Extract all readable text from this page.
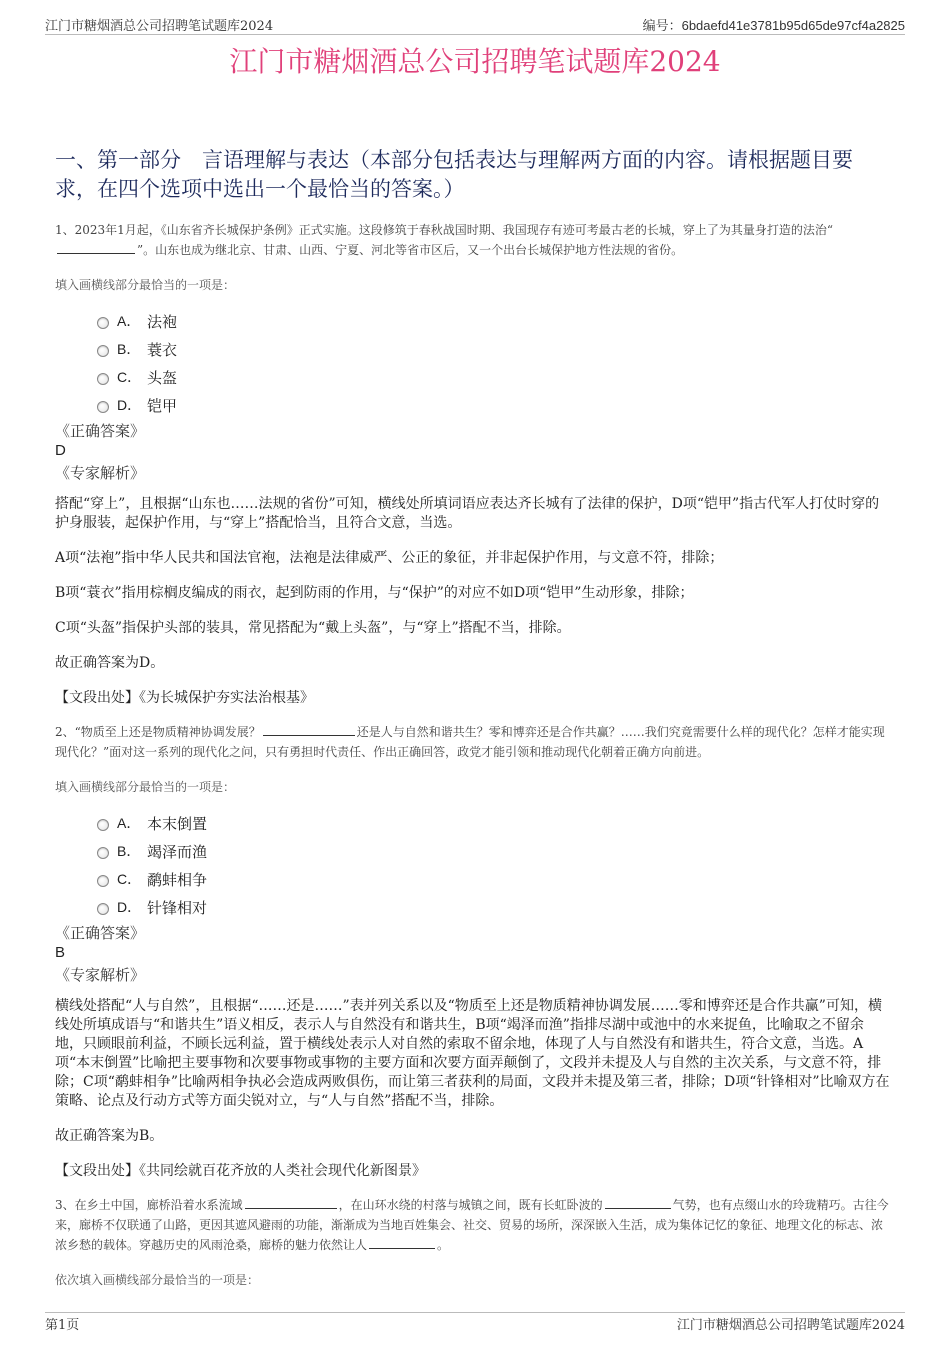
江门市糖烟酒总公司招聘笔试题库2024	编号：6bdaefd41e3781b95d65de97cf4a2825
江门市糖烟酒总公司招聘笔试题库2024
一、第一部分　言语理解与表达（本部分包括表达与理解两方面的内容。请根据题目要求，在四个选项中选出一个最恰当的答案。）

1、2023年1月起，《山东省齐长城保护条例》正式实施。这段修筑于春秋战国时期、我国现存有迹可考最古老的长城，穿上了为其量身打造的法治“”。山东也成为继北京、甘肃、山西、宁夏、河北等省市区后，又一个出台长城保护地方性法规的省份。

填入画横线部分最恰当的一项是：
A． 法袍
B． 蓑衣
C． 头盔
D． 铠甲
《正确答案》
D
《专家解析》

搭配“穿上”，且根据“山东也……法规的省份”可知，横线处所填词语应表达齐长城有了法律的保护，D项“铠甲”指古代军人打仗时穿的护身服装，起保护作用，与“穿上”搭配恰当，且符合文意，当选。

A项“法袍”指中华人民共和国法官袍，法袍是法律威严、公正的象征，并非起保护作用，与文意不符，排除；

B项“蓑衣”指用棕榈皮编成的雨衣，起到防雨的作用，与“保护”的对应不如D项“铠甲”生动形象，排除；

C项“头盔”指保护头部的装具，常见搭配为“戴上头盔”，与“穿上”搭配不当，排除。

故正确答案为D。

【文段出处】《为长城保护夯实法治根基》

2、“物质至上还是物质精神协调发展？	还是人与自然和谐共生？零和博弈还是合作共赢？……我们究竟需要什么样的现代化？怎样才能实现现代化？”面对这一系列的现代化之问，只有勇担时代责任、作出正确回答，政党才能引领和推动现代化朝着正确方向前进。

填入画横线部分最恰当的一项是：
A． 本末倒置
B． 竭泽而渔
C． 鹬蚌相争
D． 针锋相对
《正确答案》
B
《专家解析》

横线处搭配“人与自然”，且根据“……还是……”表并列关系以及“物质至上还是物质精神协调发展……零和博弈还是合作共赢”可知，横线处所填成语与“和谐共生”语义相反，表示人与自然没有和谐共生，B项“竭泽而渔”指排尽湖中或池中的水来捉鱼，比喻取之不留余地，只顾眼前利益，不顾长远利益，置于横线处表示人对自然的索取不留余地，体现了人与自然没有和谐共生，符合文意，当选。A项“本末倒置”比喻把主要事物和次要事物或事物的主要方面和次要方面弄颠倒了，文段并未提及人与自然的主次关系，与文意不符，排除；C项“鹬蚌相争”比喻两相争执必会造成两败俱伤，而让第三者获利的局面，文段并未提及第三者，排除；D项“针锋相对”比喻双方在策略、论点及行动方式等方面尖锐对立，与“人与自然”搭配不当，排除。

故正确答案为B。

【文段出处】《共同绘就百花齐放的人类社会现代化新图景》

3、在乡土中国，廊桥沿着水系流域	，在山环水绕的村落与城镇之间，既有长虹卧波的	气势，也有点缀山水的玲珑精巧。古往今来，廊桥不仅联通了山路，更因其遮风避雨的功能，渐渐成为当地百姓集会、社交、贸易的场所，深深嵌入生活，成为集体记忆的象征、地理文化的标志、浓浓乡愁的载体。穿越历史的风雨沧桑，廊桥的魅力依然让人	。

依次填入画横线部分最恰当的一项是：
第1页	江门市糖烟酒总公司招聘笔试题库2024
